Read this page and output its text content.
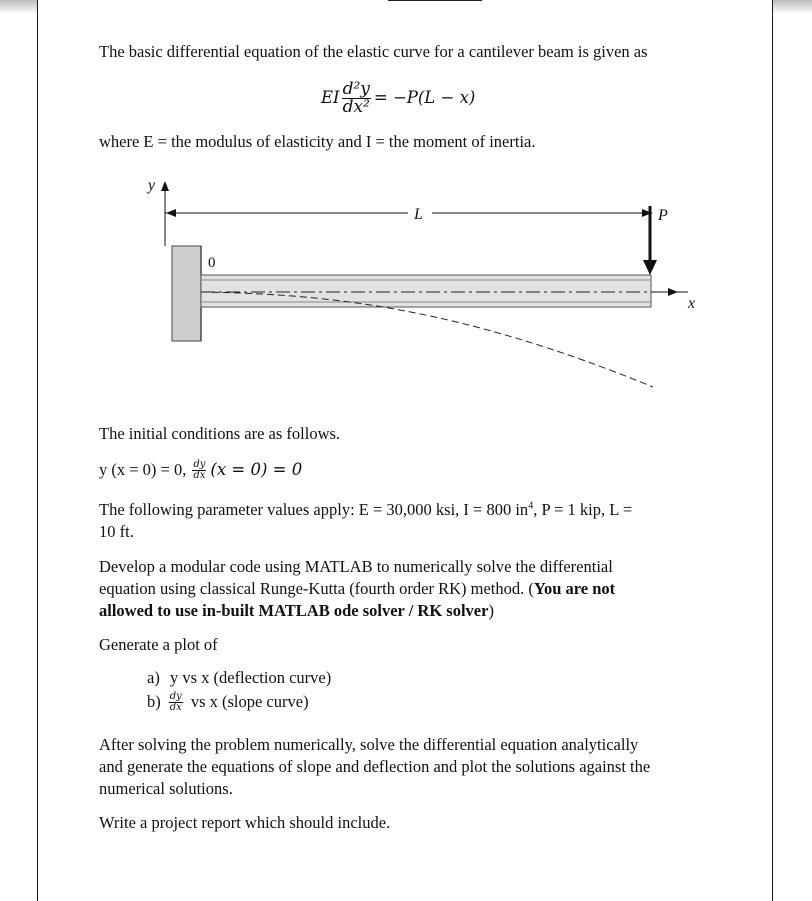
The basic differential equation of the elastic curve for a cantilever beam is given as
EI $\frac{\text{d²y}}{\text{dx²}} = -P(L - x)$
where E = the modulus of elasticity and I = the moment of inertia.
y
L
0
x
P
The initial conditions are as follows.
y (x = 0) = 0, $\frac{dy}{dx} (x = 0) = 0$
The following parameter values apply: E = 30,000 ksi, I = 800 $in^4$, P = 1 kip, L =
10 ft.
Develop a modular code using MATLAB to numerically solve the differential
equation using classical Runge-Kutta (fourth order RK) method. (You are not
allowed to use in-built MATLAB ode solver / RK solver)
Generate a plot of
a) y vs x (deflection curve)
$b) \frac{dy}{dx}$ vs x (slope curve)
After solving the problem numerically, solve the differential equation analytically
and generate the equations of slope and deflection and plot the solutions against the
numerical solutions.
Write a project report which should include.
